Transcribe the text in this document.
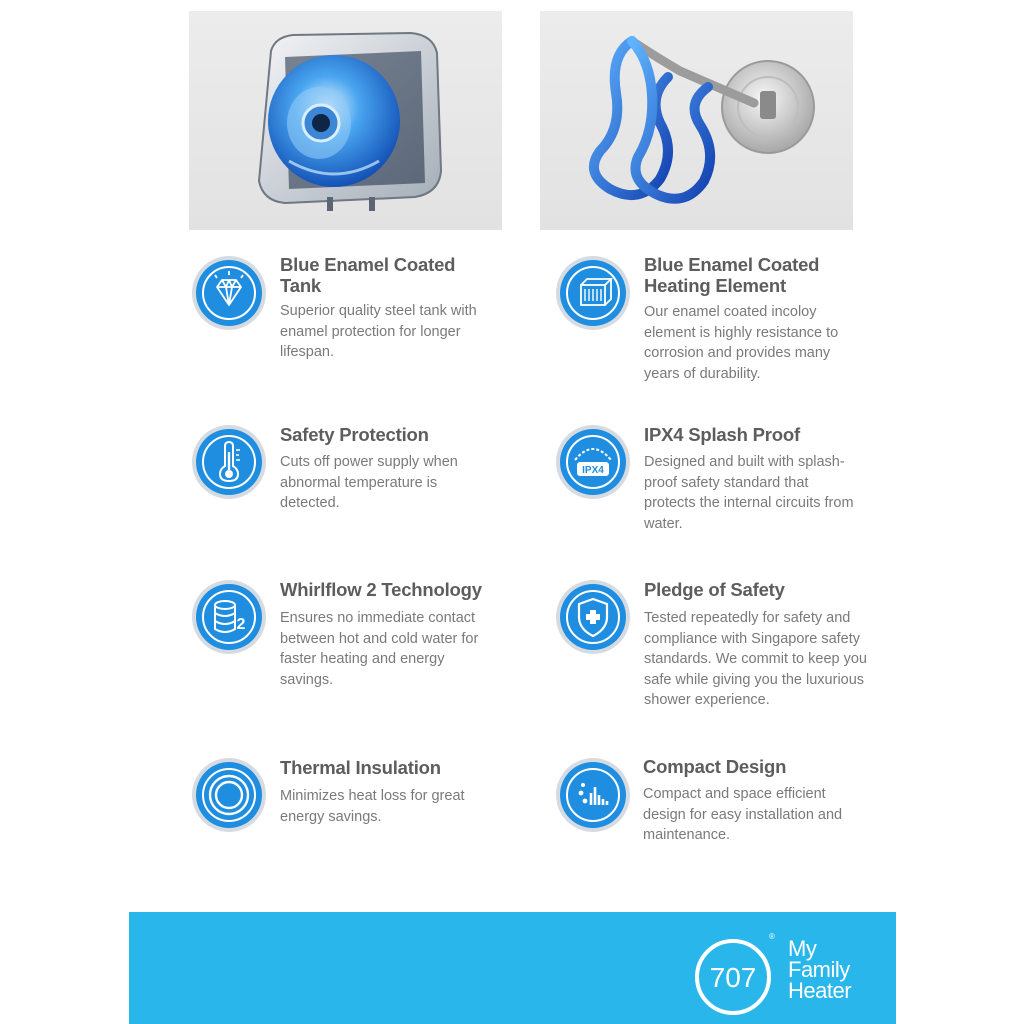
Blue Enamel Coated Tank

Superior quality steel tank with enamel protection for longer lifespan.

Blue Enamel Coated Heating Element

Our enamel coated incoloy element is highly resistance to corrosion and provides many years of durability.

Safety Protection

Cuts off power supply when abnormal temperature is detected.

IPX4
IPX4 Splash Proof

Designed and built with splash-proof safety standard that protects the internal circuits from water.

2
Whirlflow 2 Technology

Ensures no immediate contact between hot and cold water for faster heating and energy savings.

Pledge of Safety

Tested repeatedly for safety and compliance with Singapore safety standards. We commit to keep you safe while giving you the luxurious shower experience.

Thermal Insulation

Minimizes heat loss for great energy savings.

Compact Design

Compact and space efficient design for easy installation and maintenance.

707
® My
Family
Heater
